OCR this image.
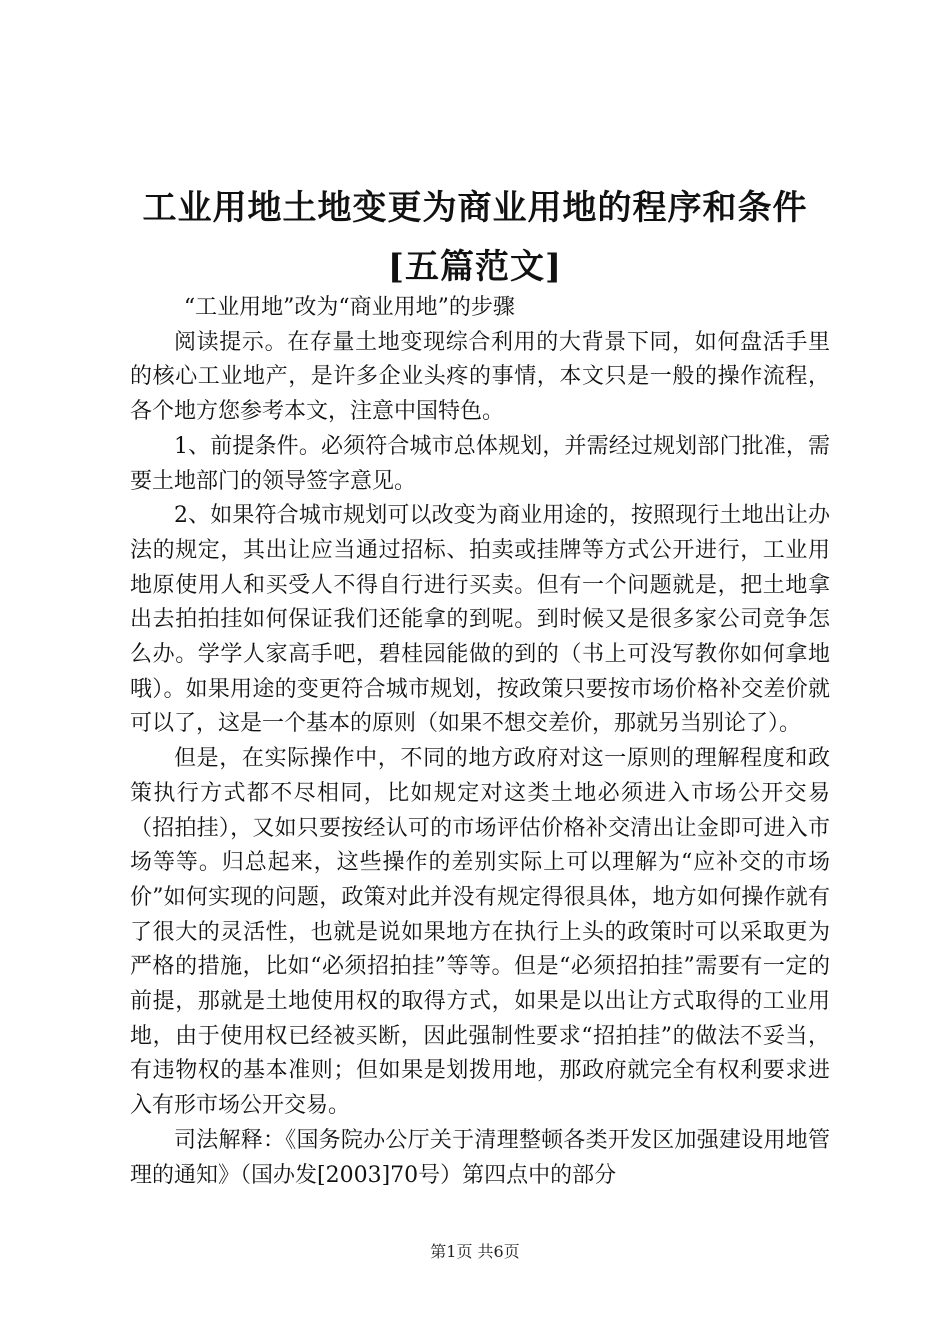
工业用地土地变更为商业用地的程序和条件
[五篇范文]

“工业用地”改为“商业用地”的步骤

阅读提示。在存量土地变现综合利用的大背景下同，如何盘活手里的核心工业地产，是许多企业头疼的事情，本文只是一般的操作流程，各个地方您参考本文，注意中国特色。

1、前提条件。必须符合城市总体规划，并需经过规划部门批准，需要土地部门的领导签字意见。

2、如果符合城市规划可以改变为商业用途的，按照现行土地出让办法的规定，其出让应当通过招标、拍卖或挂牌等方式公开进行，工业用地原使用人和买受人不得自行进行买卖。但有一个问题就是，把土地拿出去拍拍挂如何保证我们还能拿的到呢。到时候又是很多家公司竞争怎么办。学学人家高手吧，碧桂园能做的到的（书上可没写教你如何拿地哦）。如果用途的变更符合城市规划，按政策只要按市场价格补交差价就可以了，这是一个基本的原则（如果不想交差价，那就另当别论了）。

但是，在实际操作中，不同的地方政府对这一原则的理解程度和政策执行方式都不尽相同，比如规定对这类土地必须进入市场公开交易（招拍挂），又如只要按经认可的市场评估价格补交清出让金即可进入市场等等。归总起来，这些操作的差别实际上可以理解为“应补交的市场价”如何实现的问题，政策对此并没有规定得很具体，地方如何操作就有了很大的灵活性，也就是说如果地方在执行上头的政策时可以采取更为严格的措施，比如“必须招拍挂”等等。但是“必须招拍挂”需要有一定的前提，那就是土地使用权的取得方式，如果是以出让方式取得的工业用地，由于使用权已经被买断，因此强制性要求“招拍挂”的做法不妥当，有违物权的基本准则；但如果是划拨用地，那政府就完全有权利要求进入有形市场公开交易。

司法解释：《国务院办公厅关于清理整顿各类开发区加强建设用地管理的通知》（国办发[2003]70号）第四点中的部分

第1页 共6页
